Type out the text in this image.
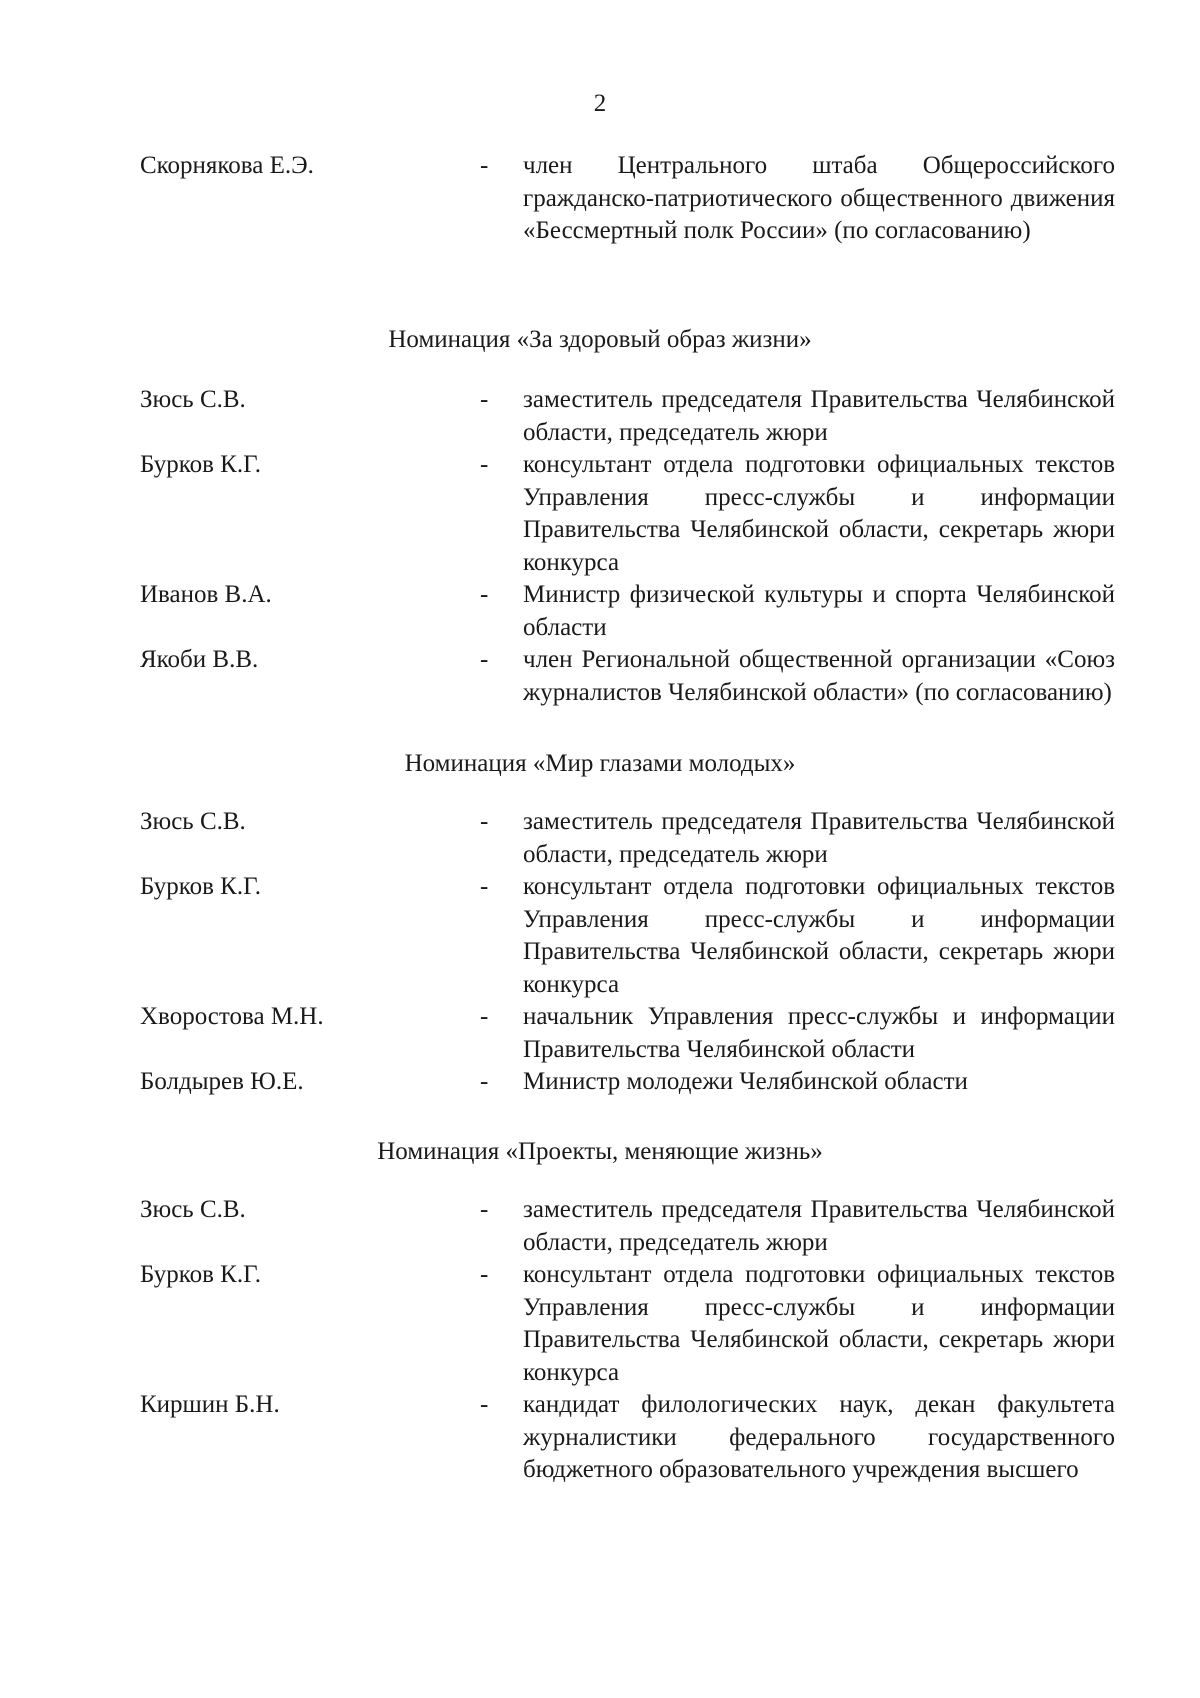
2
Скорнякова Е.Э.	- член Центрального штаба Общероссийского гражданско-патриотического общественного движения «Бессмертный полк России» (по согласованию)
Номинация «За здоровый образ жизни»
Зюсь С.В.	- заместитель председателя Правительства Челябинской области, председатель жюри
Бурков К.Г.	- консультант отдела подготовки официальных текстов Управления пресс-службы и информации Правительства Челябинской области, секретарь жюри конкурса
Иванов В.А.	- Министр физической культуры и спорта Челябинской области
Якоби В.В.	- член Региональной общественной организации «Союз журналистов Челябинской области» (по согласованию)
Номинация «Мир глазами молодых»
Зюсь С.В.	- заместитель председателя Правительства Челябинской области, председатель жюри
Бурков К.Г.	- консультант отдела подготовки официальных текстов Управления пресс-службы и информации Правительства Челябинской области, секретарь жюри конкурса
Хворостова М.Н.	- начальник Управления пресс-службы и информации Правительства Челябинской области
Болдырев Ю.Е.	- Министр молодежи Челябинской области
Номинация «Проекты, меняющие жизнь»
Зюсь С.В.	- заместитель председателя Правительства Челябинской области, председатель жюри
Бурков К.Г.	- консультант отдела подготовки официальных текстов Управления пресс-службы и информации Правительства Челябинской области, секретарь жюри конкурса
Киршин Б.Н.	- кандидат филологических наук, декан факультета журналистики федерального государственного бюджетного образовательного учреждения высшего
